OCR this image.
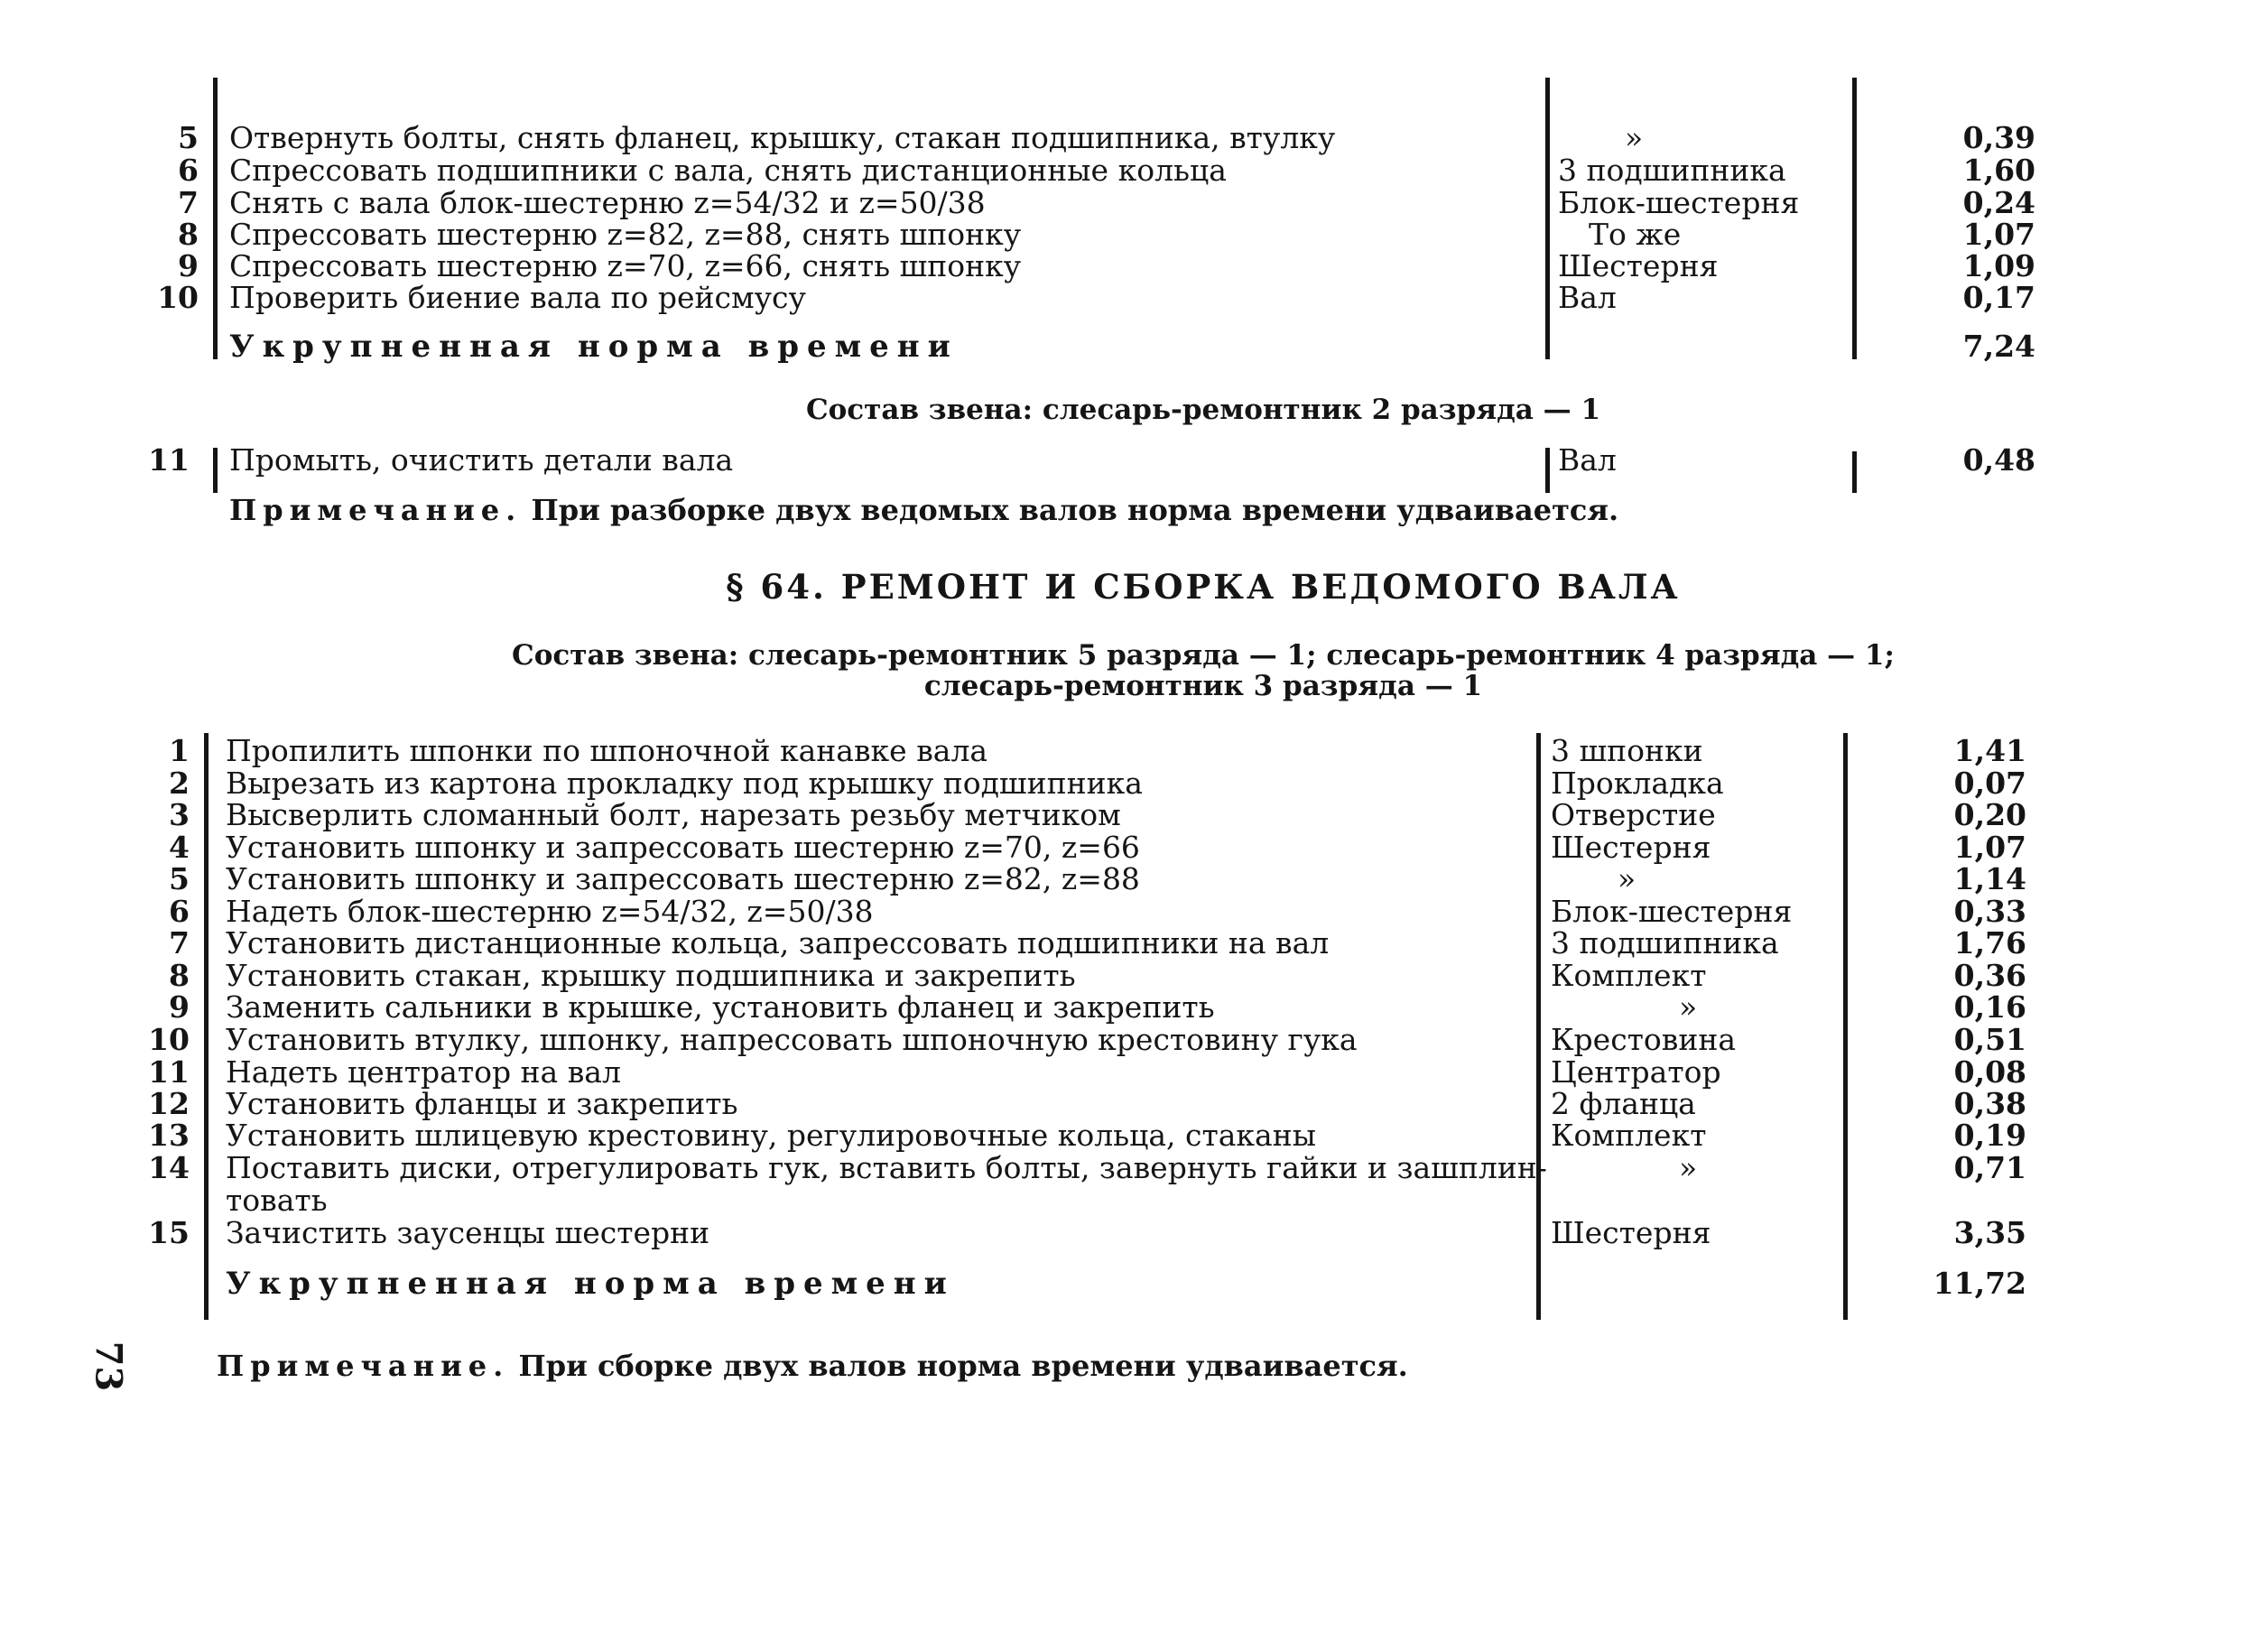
5 Отвернуть болты, снять фланец, крышку, стакан подшипника, втулку	»	0,39
6 Спрессовать подшипники с вала, снять дистанционные кольца	3 подшипника	1,60
7 Снять с вала блок-шестерню z=54/32 и z=50/38	Блок-шестерня	0,24
8 Спрессовать шестерню z=82, z=88, снять шпонку	То же	1,07
9 Спрессовать шестерню z=70, z=66, снять шпонку	Шестерня	1,09
10 Проверить биение вала по рейсмусу	Вал	0,17
Укрупненная норма времени	7,24
Состав звена: слесарь-ремонтник 2 разряда — 1
11 Промыть, очистить детали вала	Вал	0,48
Примечание. При разборке двух ведомых валов норма времени удваивается.
§ 64. РЕМОНТ И СБОРКА ВЕДОМОГО ВАЛА
Состав звена: слесарь-ремонтник 5 разряда — 1; слесарь-ремонтник 4 разряда — 1;
слесарь-ремонтник 3 разряда — 1
1 Пропилить шпонки по шпоночной канавке вала	3 шпонки	1,41
2 Вырезать из картона прокладку под крышку подшипника	Прокладка	0,07
3 Высверлить сломанный болт, нарезать резьбу метчиком	Отверстие	0,20
4 Установить шпонку и запрессовать шестерню z=70, z=66	Шестерня	1,07
5 Установить шпонку и запрессовать шестерню z=82, z=88	»	1,14
6 Надеть блок-шестерню z=54/32, z=50/38	Блок-шестерня	0,33
7 Установить дистанционные кольца, запрессовать подшипники на вал	3 подшипника	1,76
8 Установить стакан, крышку подшипника и закрепить	Комплект	0,36
9 Заменить сальники в крышке, установить фланец и закрепить	»	0,16
10 Установить втулку, шпонку, напрессовать шпоночную крестовину гука	Крестовина	0,51
11 Надеть центратор на вал	Центратор	0,08
12 Установить фланцы и закрепить	2 фланца	0,38
13 Установить шлицевую крестовину, регулировочные кольца, стаканы	Комплект	0,19
14 Поставить диски, отрегулировать гук, вставить болты, завернуть гайки и зашплин-	»	0,71
товать
15 Зачистить заусенцы шестерни	Шестерня	3,35
Укрупненная норма времени	11,72
Примечание. При сборке двух валов норма времени удваивается.
73
